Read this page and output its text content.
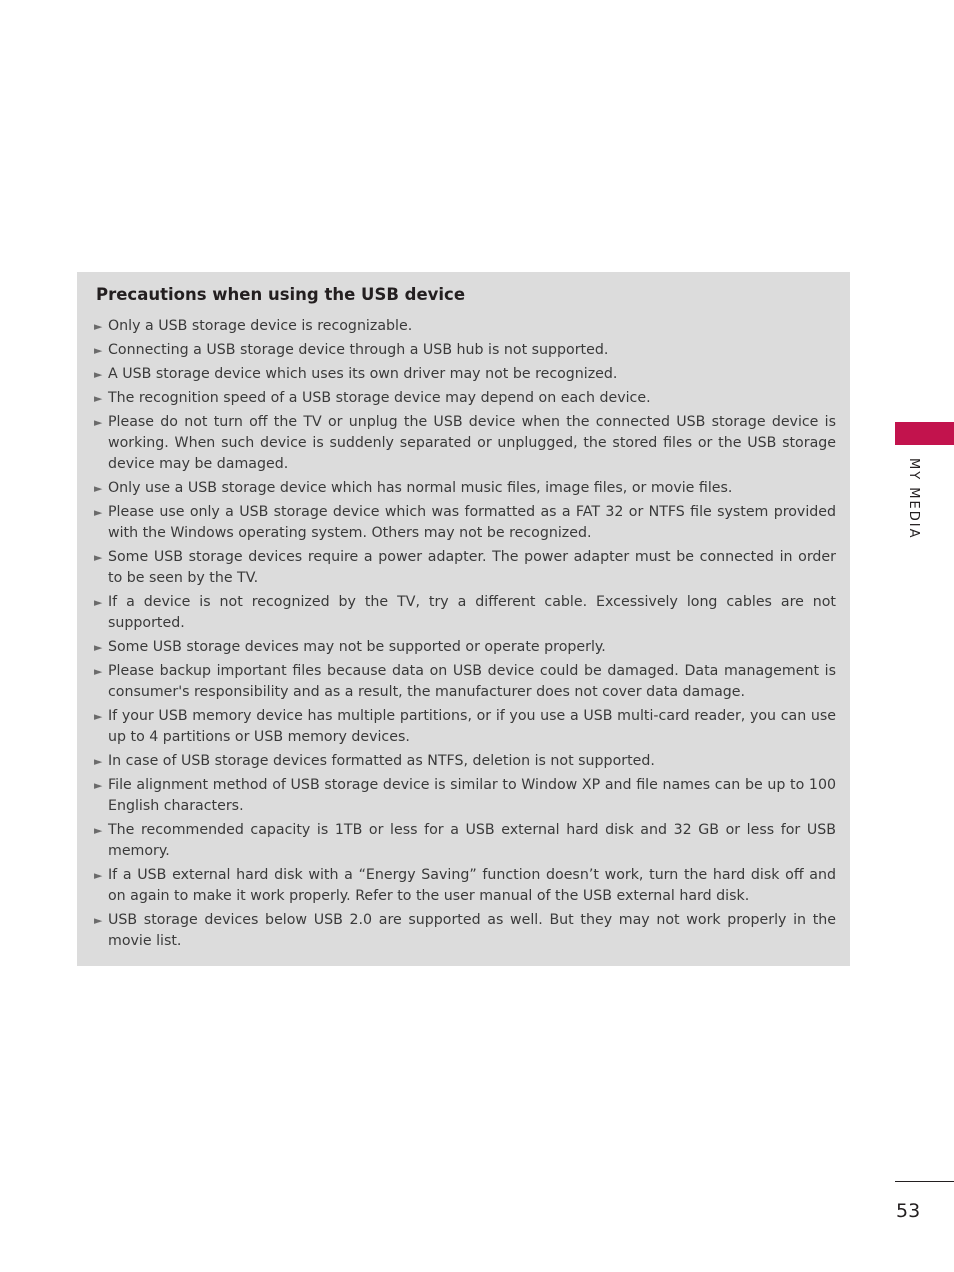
Precautions when using the USB device
► Only a USB storage device is recognizable.
► Connecting a USB storage device through a USB hub is not supported.
► A USB storage device which uses its own driver may not be recognized.
► The recognition speed of a USB storage device may depend on each device.
► Please do not turn off the TV or unplug the USB device when the connected USB storage device is working. When such device is suddenly separated or unplugged, the stored files or the USB storage device may be damaged.
► Only use a USB storage device which has normal music files, image files, or movie files.
► Please use only a USB storage device which was formatted as a FAT 32 or NTFS file system provided with the Windows operating system. Others may not be recognized.
► Some USB storage devices require a power adapter. The power adapter must be connected in order to be seen by the TV.
► If a device is not recognized by the TV, try a different cable. Excessively long cables are not supported.
► Some USB storage devices may not be supported or operate properly.
► Please backup important files because data on USB device could be damaged. Data management is consumer's responsibility and as a result, the manufacturer does not cover data damage.
► If your USB memory device has multiple partitions, or if you use a USB multi-card reader, you can use up to 4 partitions or USB memory devices.
► In case of USB storage devices formatted as NTFS, deletion is not supported.
► File alignment method of USB storage device is similar to Window XP and file names can be up to 100 English characters.
► The recommended capacity is 1TB or less for a USB external hard disk and 32 GB or less for USB memory.
► If a USB external hard disk with a “Energy Saving” function doesn’t work, turn the hard disk off and on again to make it work properly. Refer to the user manual of the USB external hard disk.
► USB storage devices below USB 2.0 are supported as well. But they may not work properly in the movie list.
MY MEDIA
53
